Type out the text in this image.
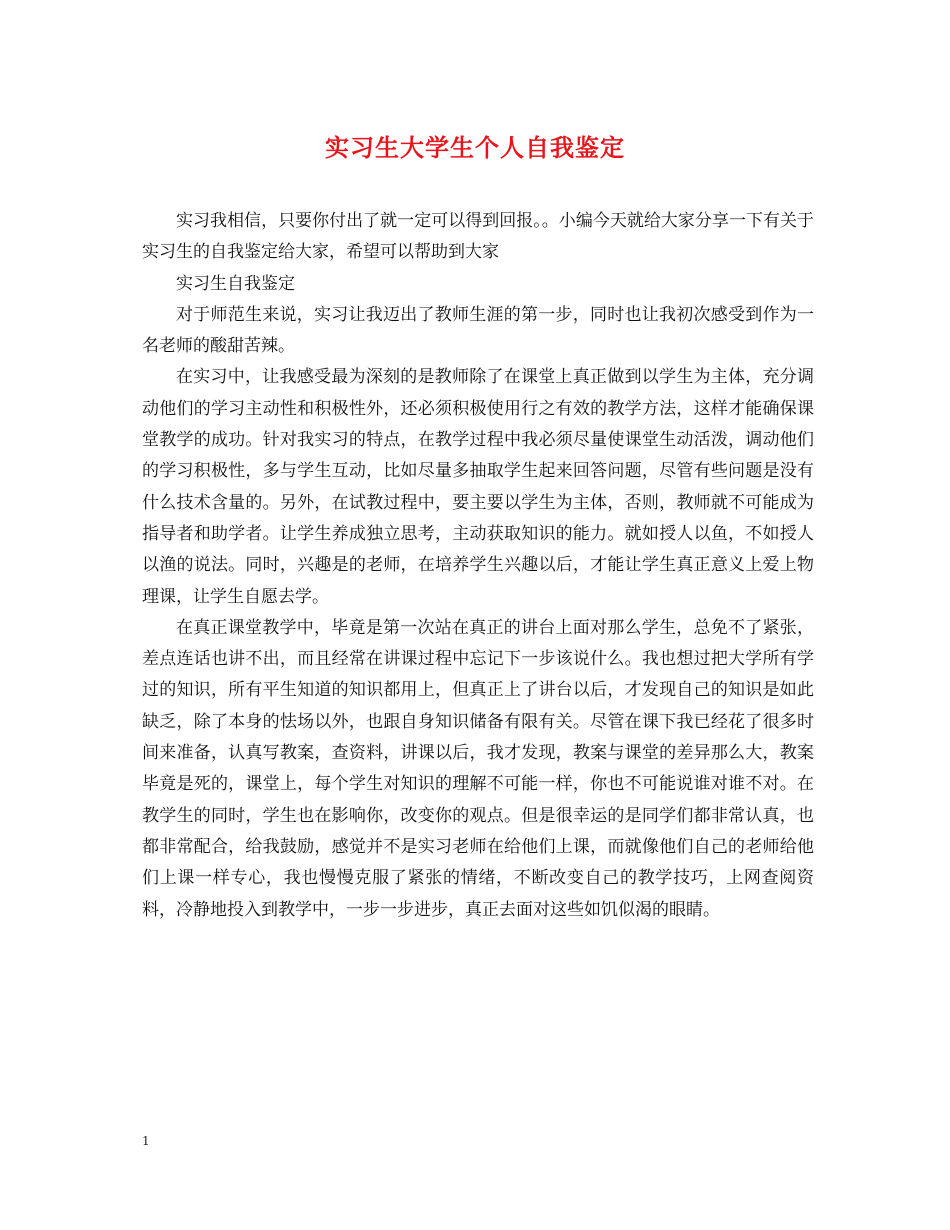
实习生大学生个人自我鉴定

实习我相信，只要你付出了就一定可以得到回报。。小编今天就给大家分享一下有关于实习生的自我鉴定给大家，希望可以帮助到大家

实习生自我鉴定

对于师范生来说，实习让我迈出了教师生涯的第一步，同时也让我初次感受到作为一名老师的酸甜苦辣。

在实习中，让我感受最为深刻的是教师除了在课堂上真正做到以学生为主体，充分调动他们的学习主动性和积极性外，还必须积极使用行之有效的教学方法，这样才能确保课堂教学的成功。针对我实习的特点，在教学过程中我必须尽量使课堂生动活泼，调动他们的学习积极性，多与学生互动，比如尽量多抽取学生起来回答问题，尽管有些问题是没有什么技术含量的。另外，在试教过程中，要主要以学生为主体，否则，教师就不可能成为指导者和助学者。让学生养成独立思考，主动获取知识的能力。就如授人以鱼，不如授人以渔的说法。同时，兴趣是的老师，在培养学生兴趣以后，才能让学生真正意义上爱上物理课，让学生自愿去学。

在真正课堂教学中，毕竟是第一次站在真正的讲台上面对那么学生，总免不了紧张，差点连话也讲不出，而且经常在讲课过程中忘记下一步该说什么。我也想过把大学所有学过的知识，所有平生知道的知识都用上，但真正上了讲台以后，才发现自己的知识是如此缺乏，除了本身的怯场以外，也跟自身知识储备有限有关。尽管在课下我已经花了很多时间来准备，认真写教案，查资料，讲课以后，我才发现，教案与课堂的差异那么大，教案毕竟是死的，课堂上，每个学生对知识的理解不可能一样，你也不可能说谁对谁不对。在教学生的同时，学生也在影响你，改变你的观点。但是很幸运的是同学们都非常认真，也都非常配合，给我鼓励，感觉并不是实习老师在给他们上课，而就像他们自己的老师给他们上课一样专心，我也慢慢克服了紧张的情绪，不断改变自己的教学技巧，上网查阅资料，冷静地投入到教学中，一步一步进步，真正去面对这些如饥似渴的眼睛。

1
